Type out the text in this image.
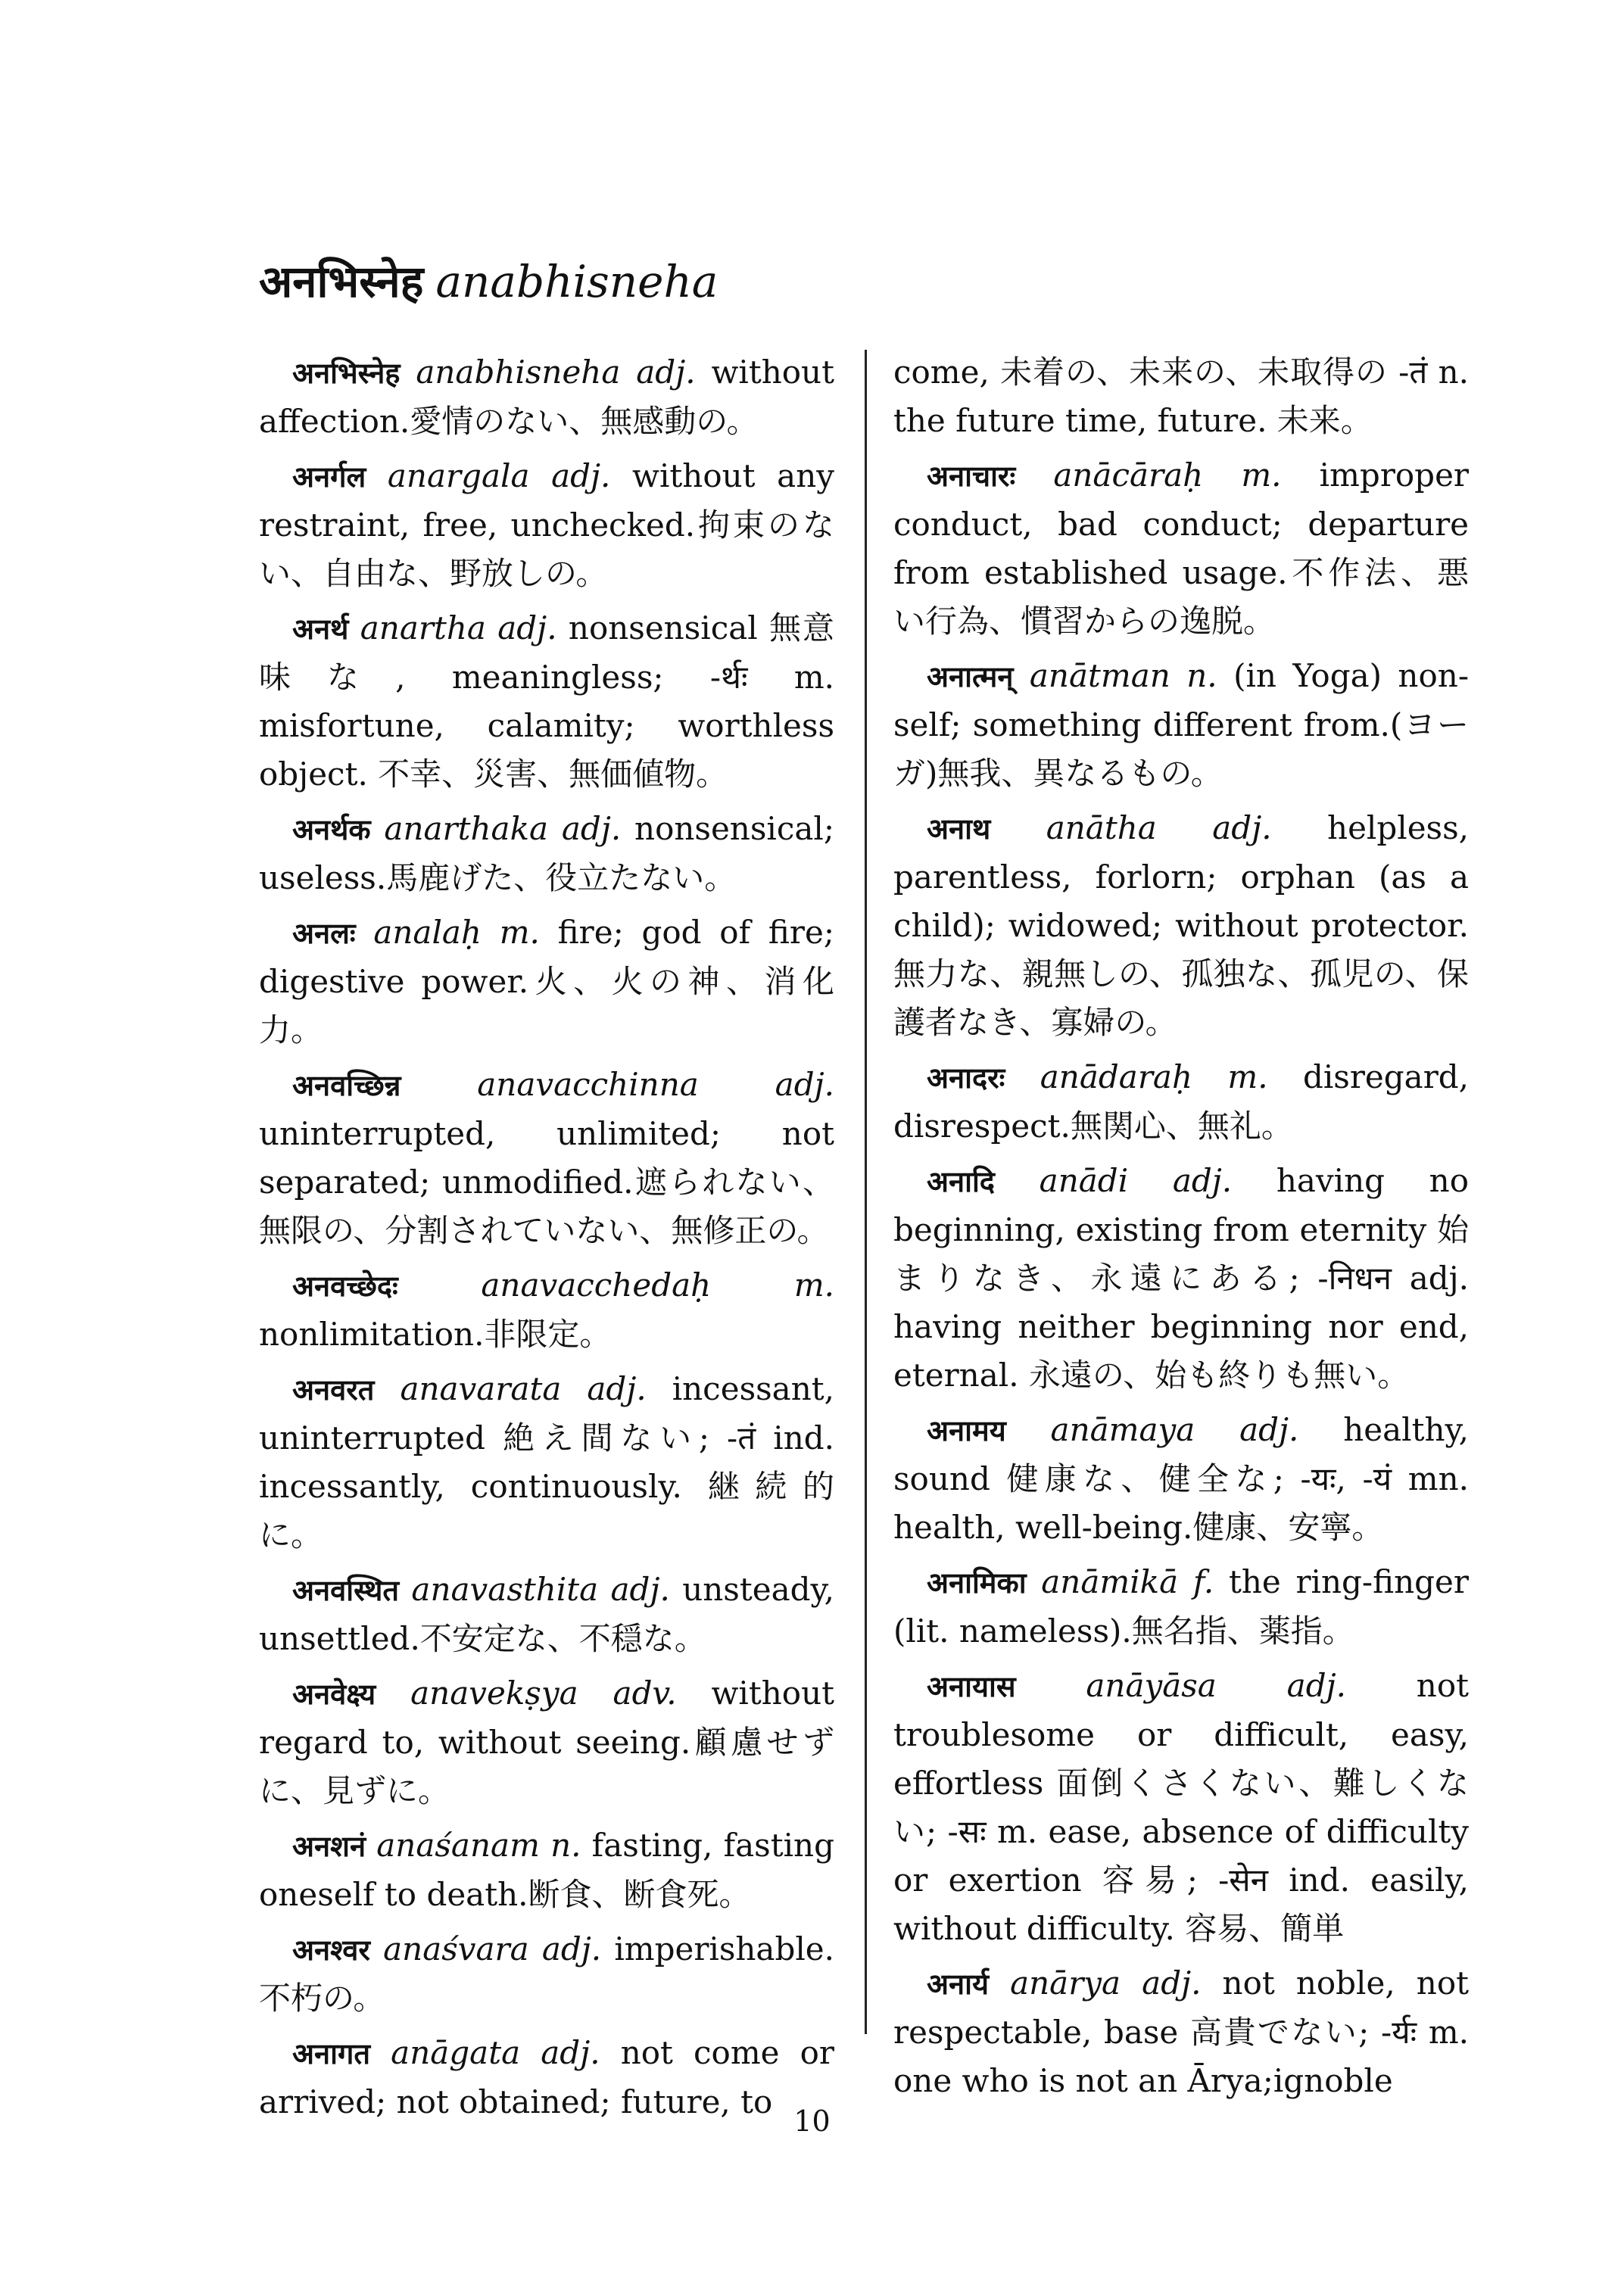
अनभिस्नेह anabhisneha

अनभिस्नेह anabhisneha adj. without affection.愛情のない、無感動の。

अनर्गल anargala adj. without any restraint, free, unchecked.拘束のない、自由な、野放しの。

अनर्थ anartha adj. nonsensical 無意味な, meaningless; -र्थः m. misfortune, calamity; worthless object. 不幸、災害、無価値物。

अनर्थक anarthaka adj. nonsensical; useless.馬鹿げた、役立たない。

अनलः analaḥ m. fire; god of fire; digestive power.火、火の神、消化力。

अनवच्छिन्न anavacchinna adj. uninterrupted, unlimited; not separated; unmodified.遮られない、無限の、分割されていない、無修正の。

अनवच्छेदः	anavacchedaḥ	m. nonlimitation.非限定。

अनवरत anavarata adj. incessant, uninterrupted 絶え間ない; -तं ind. incessantly, continuously. 継続的に。

अनवस्थित anavasthita adj. unsteady, unsettled.不安定な、不穏な。

अनवेक्ष्य anavekṣya adv. without regard to, without seeing.顧慮せずに、見ずに。

अनशनं anaśanam n. fasting, fasting oneself to death.断食、断食死。

अनश्वर anaśvara adj. imperishable.不朽の。

अनागत anāgata adj. not come or arrived; not obtained; future, to

come, 未着の、未来の、未取得の -तं n. the future time, future. 未来。

अनाचारः anācāraḥ m. improper conduct, bad conduct; departure from established usage.不作法、悪い行為、慣習からの逸脱。

अनात्मन् anātman n. (in Yoga) non-self; something different from.(ヨーガ)無我、異なるもの。

अनाथ anātha adj. helpless, parentless, forlorn; orphan (as a child); widowed; without protector.無力な、親無しの、孤独な、孤児の、保護者なき、寡婦の。

अनादरः anādaraḥ m. disregard, disrespect.無関心、無礼。

अनादि anādi adj. having no beginning, existing from eternity 始まりなき、永遠にある; -निधन adj. having neither beginning nor end, eternal. 永遠の、始も終りも無い。

अनामय anāmaya adj. healthy, sound 健康な、健全な; -यः, -यं mn. health, well-being.健康、安寧。

अनामिका anāmikā f. the ring-finger (lit. nameless).無名指、薬指。

अनायास anāyāsa adj. not troublesome or difficult, easy, effortless 面倒くさくない、難しくない; -सः m. ease, absence of difficulty or exertion 容易; -सेन ind. easily, without difficulty. 容易、簡単

अनार्य anārya adj. not noble, not respectable, base 高貴でない; -र्यः m. one who is not an Ārya;ignoble

10
